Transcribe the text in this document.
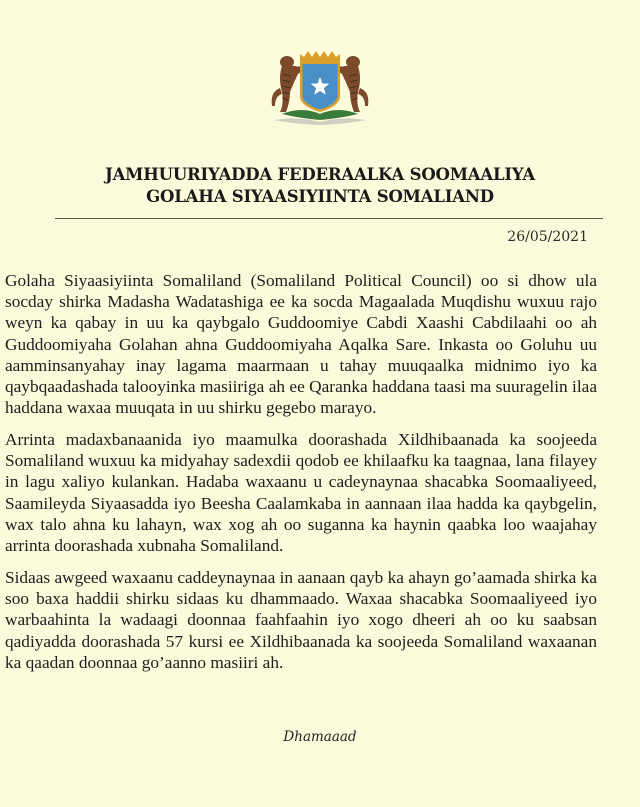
JAMHUURIYADDA FEDERAALKA SOOMAALIYA
GOLAHA SIYAASIYIINTA SOMALIAND
26/05/2021

Golaha Siyaasiyiinta Somaliland (Somaliland Political Council) oo si dhow ula socday shirka Madasha Wadatashiga ee ka socda Magaalada Muqdishu wuxuu rajo weyn ka qabay in uu ka qaybgalo Guddoomiye Cabdi Xaashi Cabdilaahi oo ah Guddoomiyaha Golahan ahna Guddoomiyaha Aqalka Sare. Inkasta oo Goluhu uu aamminsanyahay inay lagama maarmaan u tahay muuqaalka midnimo iyo ka qaybqaadashada talooyinka masiiriga ah ee Qaranka haddana taasi ma suuragelin ilaa haddana waxaa muuqata in uu shirku gegebo marayo.

Arrinta madaxbanaanida iyo maamulka doorashada Xildhibaanada ka soojeeda Somaliland wuxuu ka midyahay sadexdii qodob ee khilaafku ka taagnaa, lana filayey in lagu xaliyo kulankan. Hadaba waxaanu u cadeynaynaa shacabka Soomaaliyeed, Saamileyda Siyaasadda iyo Beesha Caalamkaba in aannaan ilaa hadda ka qaybgelin, wax talo ahna ku lahayn, wax xog ah oo suganna ka haynin qaabka loo waajahay arrinta doorashada xubnaha Somaliland.

Sidaas awgeed waxaanu caddeynaynaa in aanaan qayb ka ahayn go’aamada shirka ka soo baxa haddii shirku sidaas ku dhammaado. Waxaa shacabka Soomaaliyeed iyo warbaahinta la wadaagi doonnaa faahfaahin iyo xogo dheeri ah oo ku saabsan qadiyadda doorashada 57 kursi ee Xildhibaanada ka soojeeda Somaliland waxaanan ka qaadan doonnaa go’aanno masiiri ah.

Dhamaaad
